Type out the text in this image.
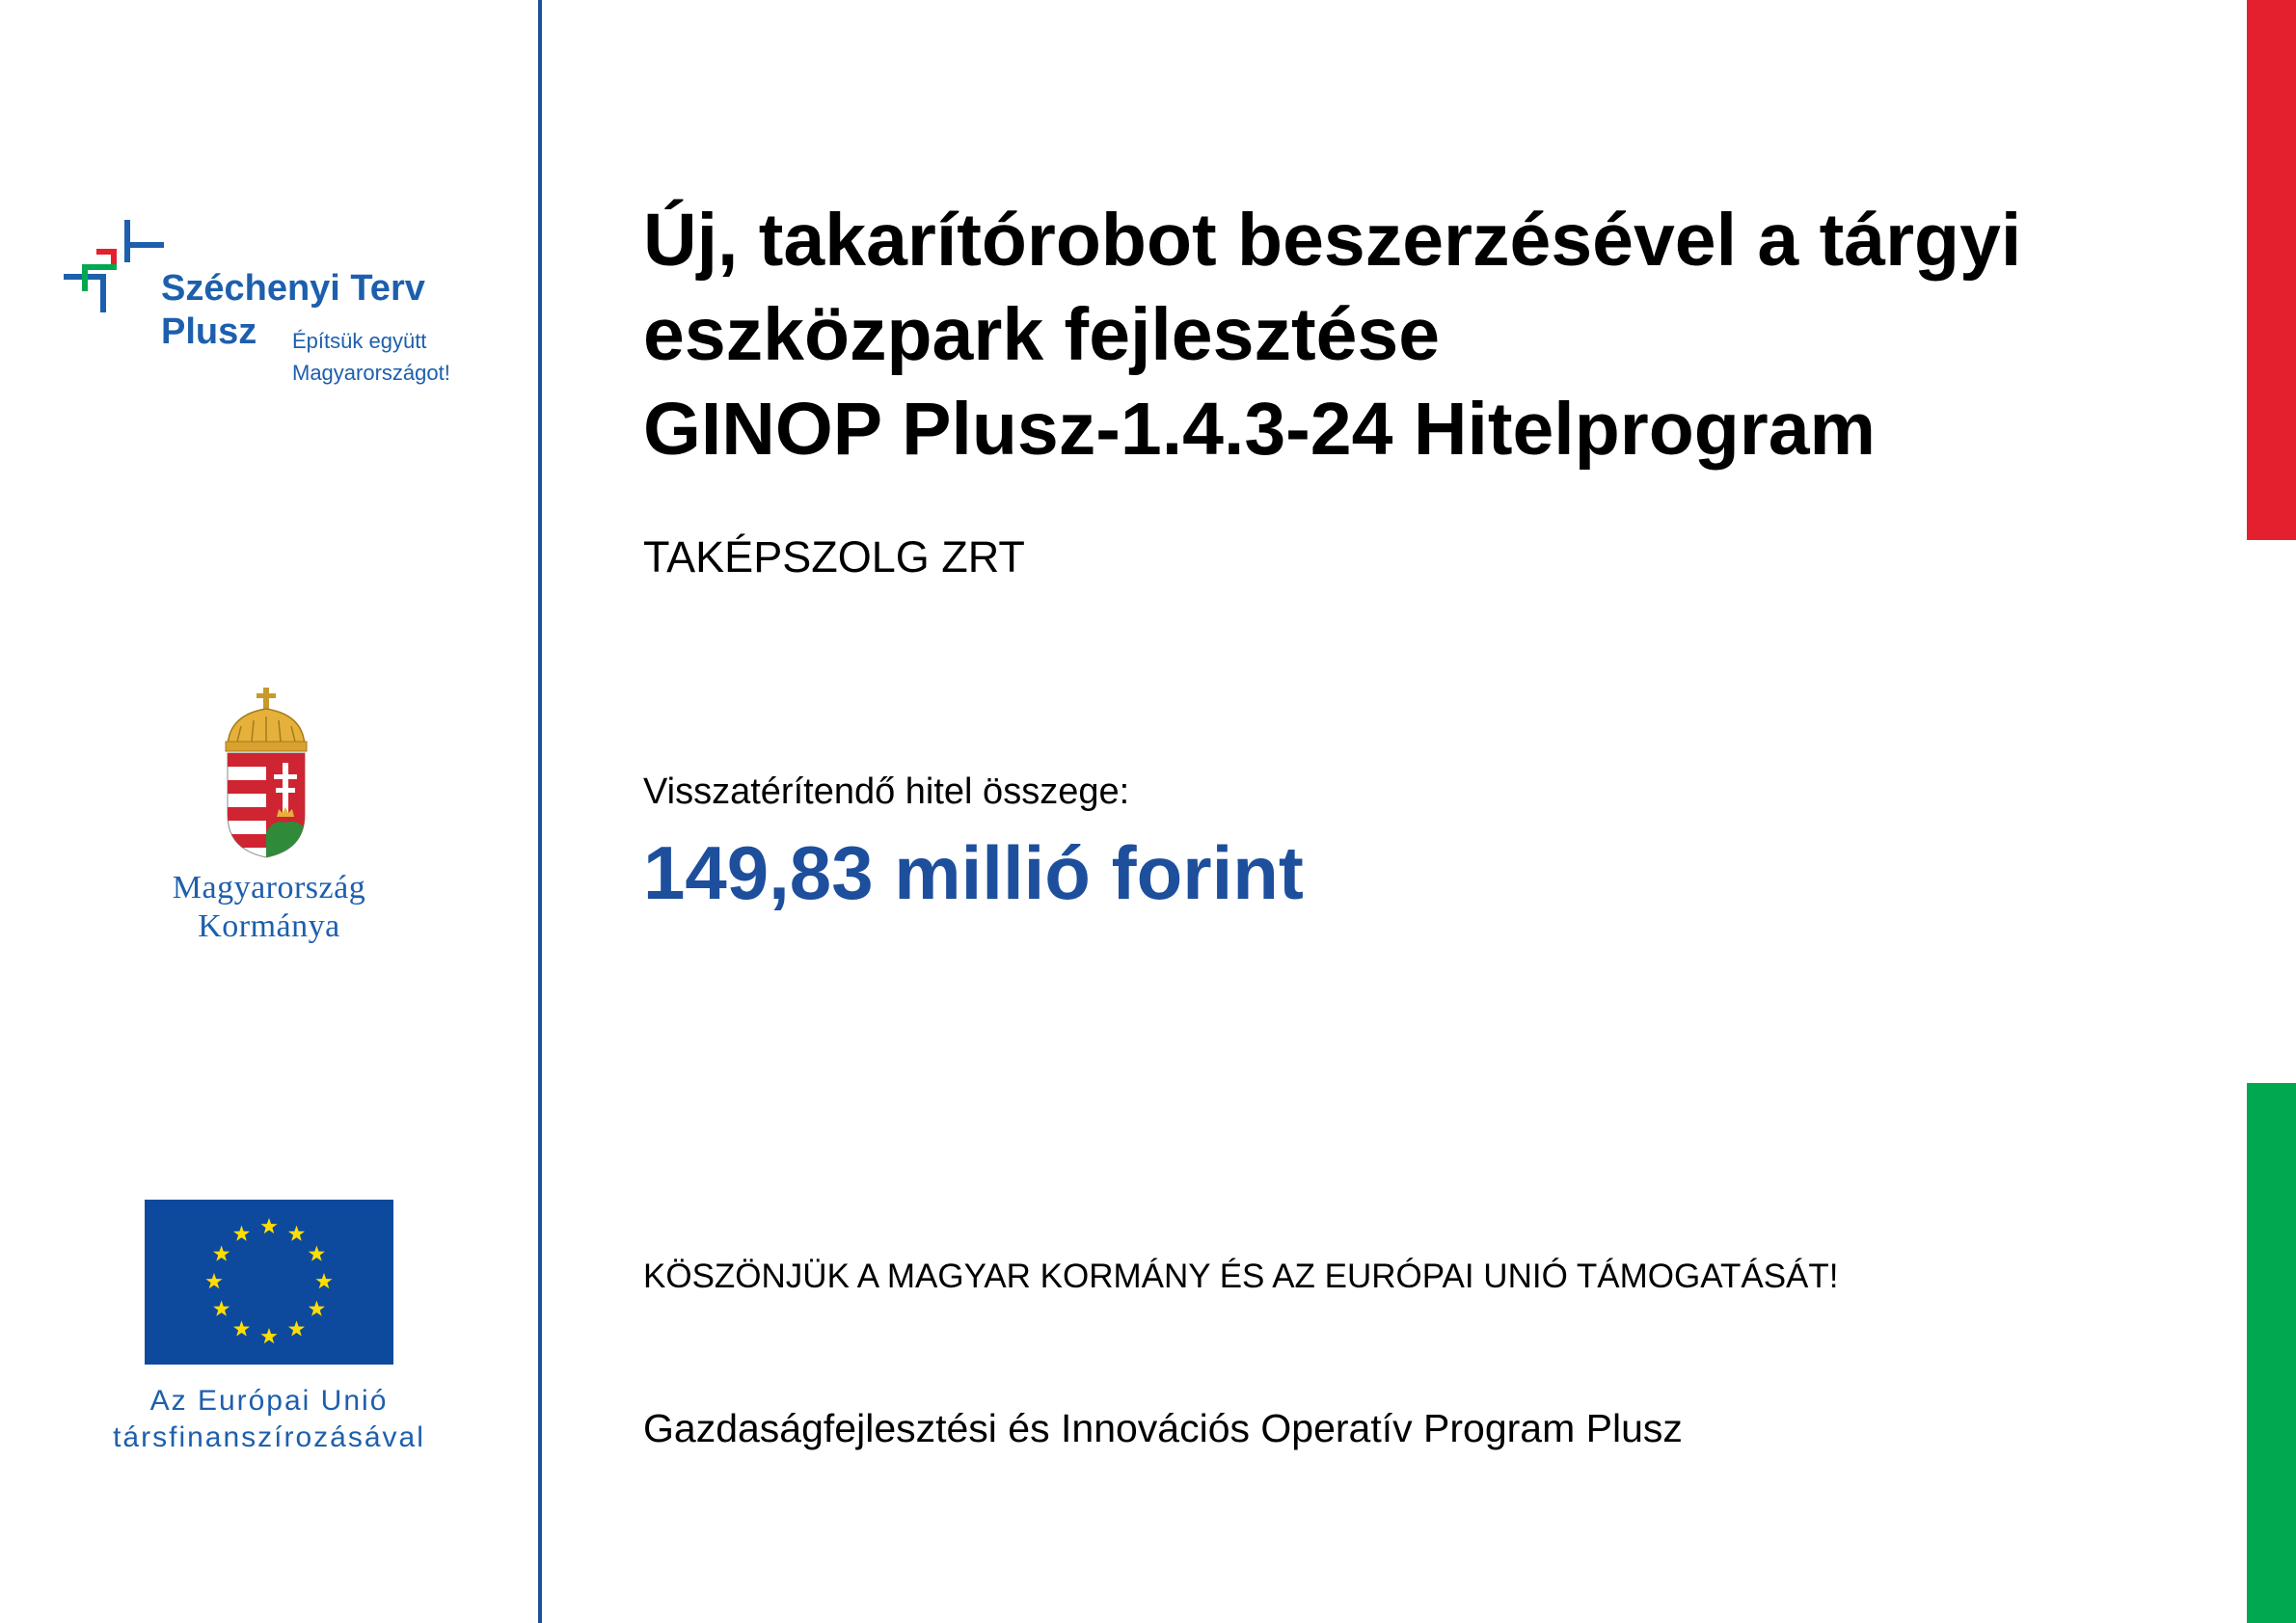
Széchenyi Terv
Plusz Építsük együtt
Magyarországot!
Magyarország
Kormánya
Az Európai Unió
társfinanszírozásával
Új, takarítórobot beszerzésével a tárgyi
eszközpark fejlesztése
GINOP Plusz-1.4.3-24 Hitelprogram
TAKÉPSZOLG ZRT
Visszatérítendő hitel összege:
149,83 millió forint
KÖSZÖNJÜK A MAGYAR KORMÁNY ÉS AZ EURÓPAI UNIÓ TÁMOGATÁSÁT!
Gazdaságfejlesztési és Innovációs Operatív Program Plusz
